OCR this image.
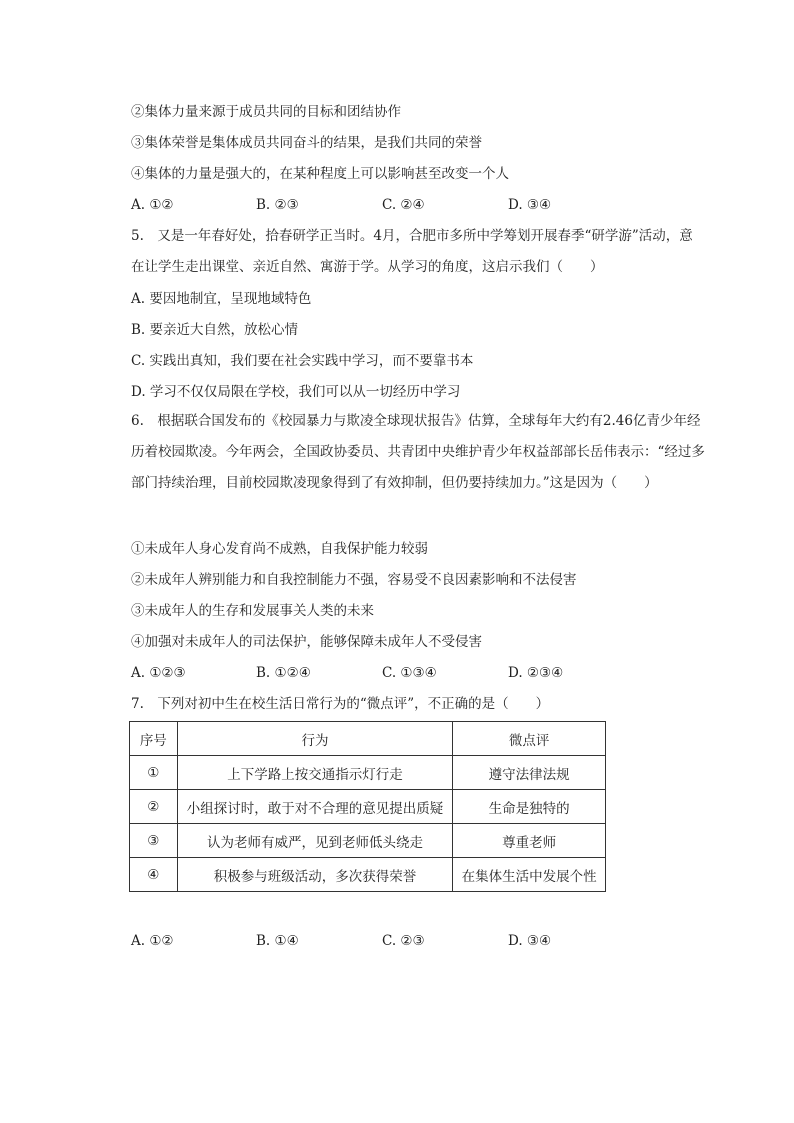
②集体力量来源于成员共同的目标和团结协作
③集体荣誉是集体成员共同奋斗的结果，是我们共同的荣誉
④集体的力量是强大的，在某种程度上可以影响甚至改变一个人
A. ①②	B. ②③	C. ②④	D. ③④
5.　又是一年春好处，拾春研学正当时。4月，合肥市多所中学筹划开展春季“研学游”活动，意在让学生走出课堂、亲近自然、寓游于学。从学习的角度，这启示我们（　　）
A. 要因地制宜，呈现地域特色
B. 要亲近大自然，放松心情
C. 实践出真知，我们要在社会实践中学习，而不要靠书本
D. 学习不仅仅局限在学校，我们可以从一切经历中学习
6.　根据联合国发布的《校园暴力与欺凌全球现状报告》估算，全球每年大约有2.46亿青少年经历着校园欺凌。今年两会，全国政协委员、共青团中央维护青少年权益部部长岳伟表示：“经过多部门持续治理，目前校园欺凌现象得到了有效抑制，但仍要持续加力。”这是因为（　　）
①未成年人身心发育尚不成熟，自我保护能力较弱
②未成年人辨别能力和自我控制能力不强，容易受不良因素影响和不法侵害
③未成年人的生存和发展事关人类的未来
④加强对未成年人的司法保护，能够保障未成年人不受侵害
A. ①②③	B. ①②④	C. ①③④	D. ②③④
7.　下列对初中生在校生活日常行为的“微点评”，不正确的是（　　）
序号	行为	微点评
①	上下学路上按交通指示灯行走	遵守法律法规
②	小组探讨时，敢于对不合理的意见提出质疑	生命是独特的
③	认为老师有威严，见到老师低头绕走	尊重老师
④	积极参与班级活动，多次获得荣誉	在集体生活中发展个性
A. ①②	B. ①④	C. ②③	D. ③④
